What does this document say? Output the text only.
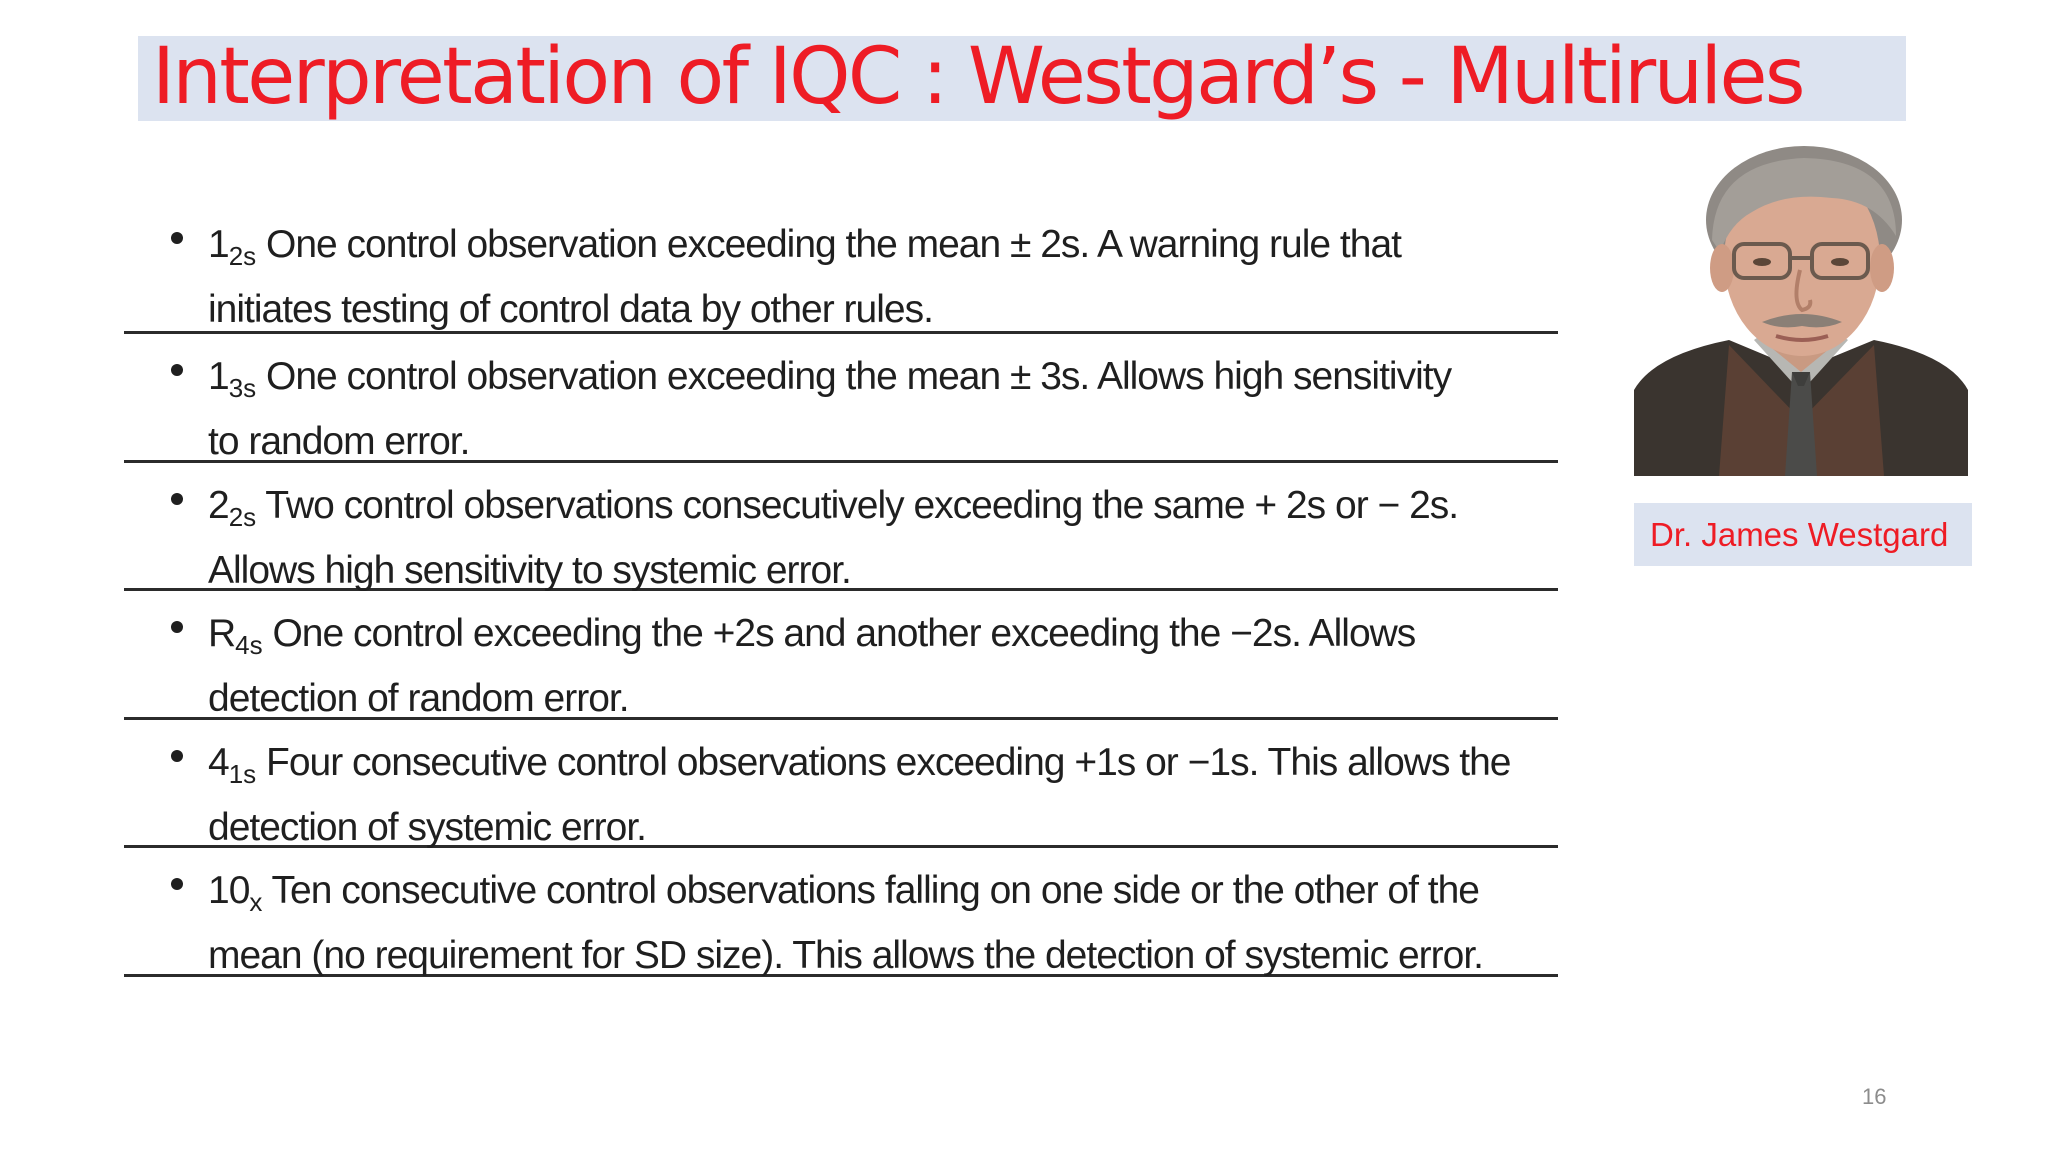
Interpretation of IQC : Westgard’s - Multirules
$1_{2s}$ One control observation exceeding the mean ± 2s. A warning rule that
initiates testing of control data by other rules.
$1_{3s}$ One control observation exceeding the mean ± 3s. Allows high sensitivity
to random error.
$2_{2s}$ Two control observations consecutively exceeding the same + 2s or − 2s.
Allows high sensitivity to systemic error.
$R_{4s}$ One control exceeding the +2s and another exceeding the −2s. Allows
detection of random error.
$4_{1s}$ Four consecutive control observations exceeding +1s or −1s. This allows the
detection of systemic error.
$10_x$ Ten consecutive control observations falling on one side or the other of the
mean (no requirement for SD size). This allows the detection of systemic error.
Dr. James Westgard
16
